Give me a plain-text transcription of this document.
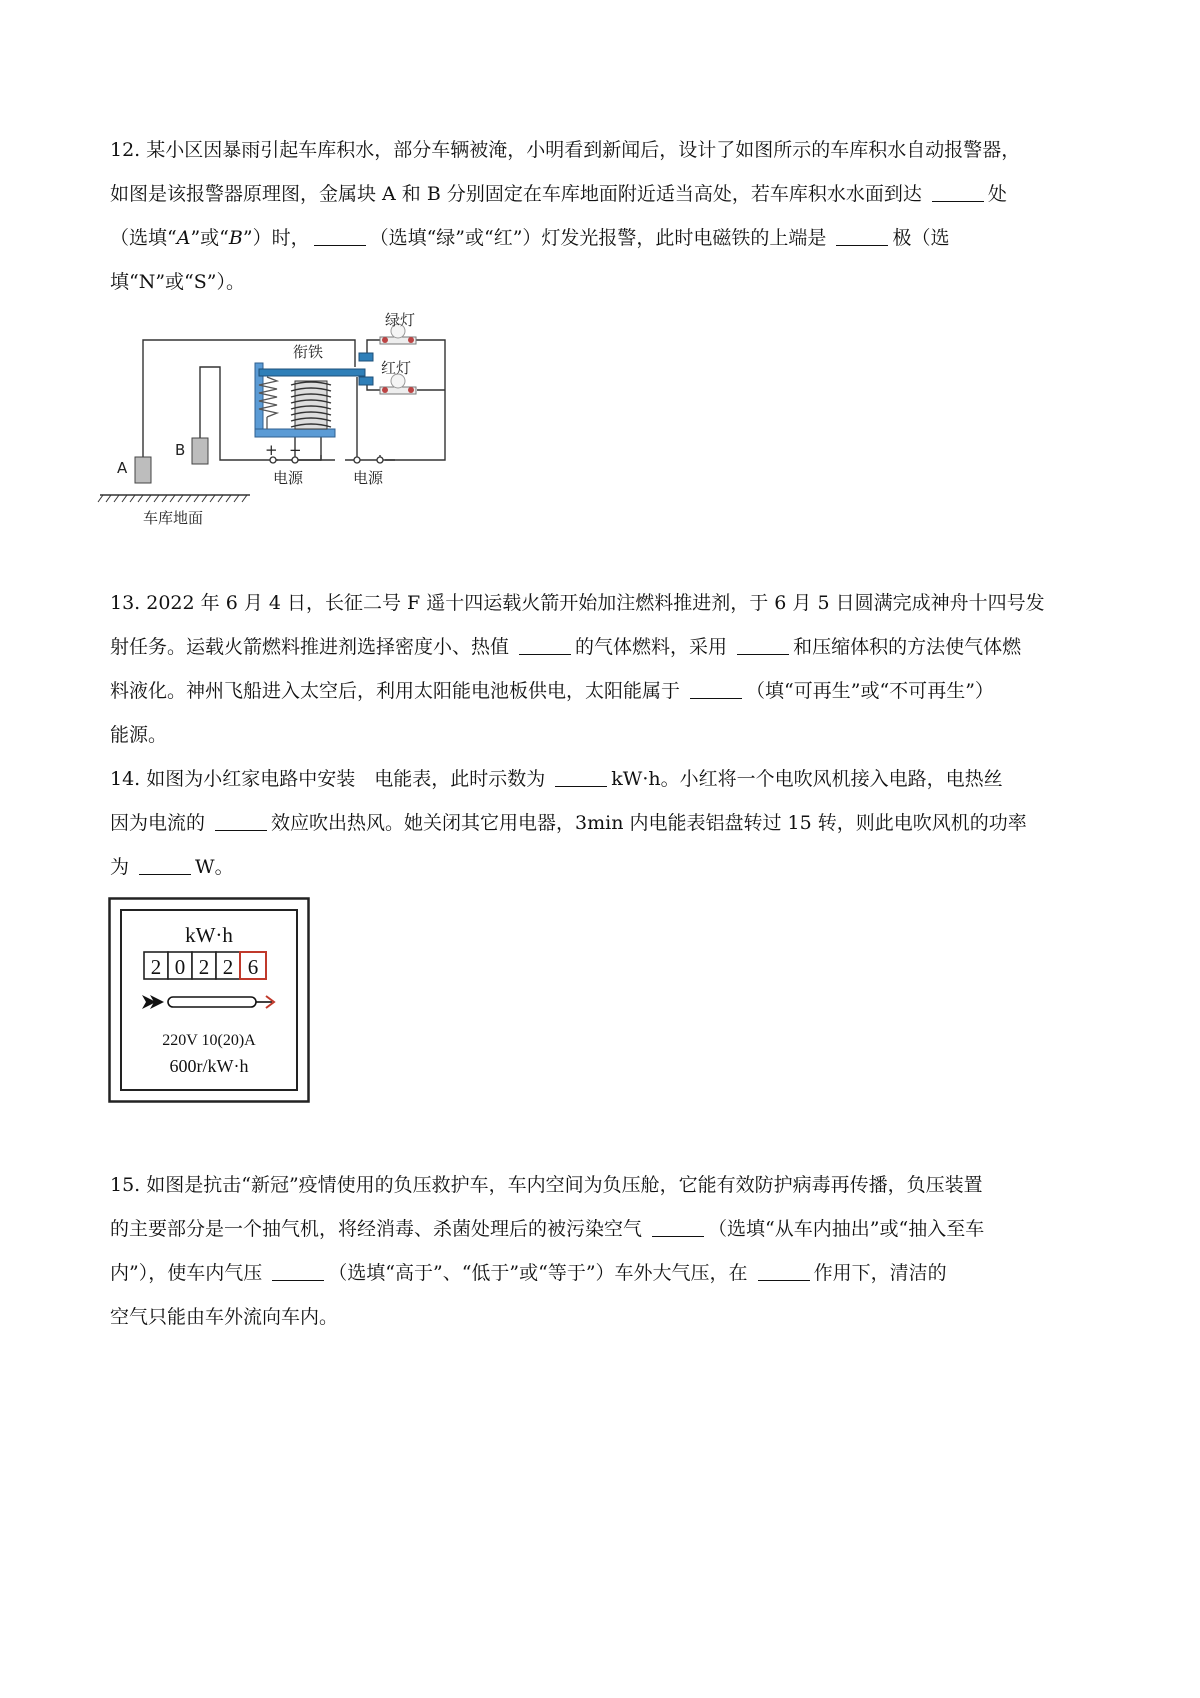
12. 某小区因暴雨引起车库积水，部分车辆被淹，小明看到新闻后，设计了如图所示的车库积水自动报警器，

如图是该报警器原理图，金属块 A 和 B 分别固定在车库地面附近适当高处，若车库积水水面到达	处

（选填“A”或“B”）时，	（选填“绿”或“红”）灯发光报警，此时电磁铁的上端是	极（选

填“N”或“S”）。

A
B
衔铁
绿灯
红灯
+ −
电源	电源
车库地面

13. 2022 年 6 月 4 日，长征二号 F 遥十四运载火箭开始加注燃料推进剂，于 6 月 5 日圆满完成神舟十四号发

射任务。运载火箭燃料推进剂选择密度小、热值	的气体燃料，采用	和压缩体积的方法使气体燃

料液化。神州飞船进入太空后，利用太阳能电池板供电，太阳能属于	（填“可再生”或“不可再生”）

能源。

14. 如图为小红家电路中安装　电能表，此时示数为	kW·h。小红将一个电吹风机接入电路，电热丝

因为电流的	效应吹出热风。她关闭其它用电器，3min 内电能表铝盘转过 15 转，则此电吹风机的功率

为	W。

kW·h
2 0 2 2 6
220V 10(20)A
600r/kW·h

15. 如图是抗击“新冠”疫情使用的负压救护车，车内空间为负压舱，它能有效防护病毒再传播，负压装置

的主要部分是一个抽气机，将经消毒、杀菌处理后的被污染空气	（选填“从车内抽出”或“抽入至车

内”），使车内气压	（选填“高于”、“低于”或“等于”）车外大气压，在	作用下，清洁的

空气只能由车外流向车内。
